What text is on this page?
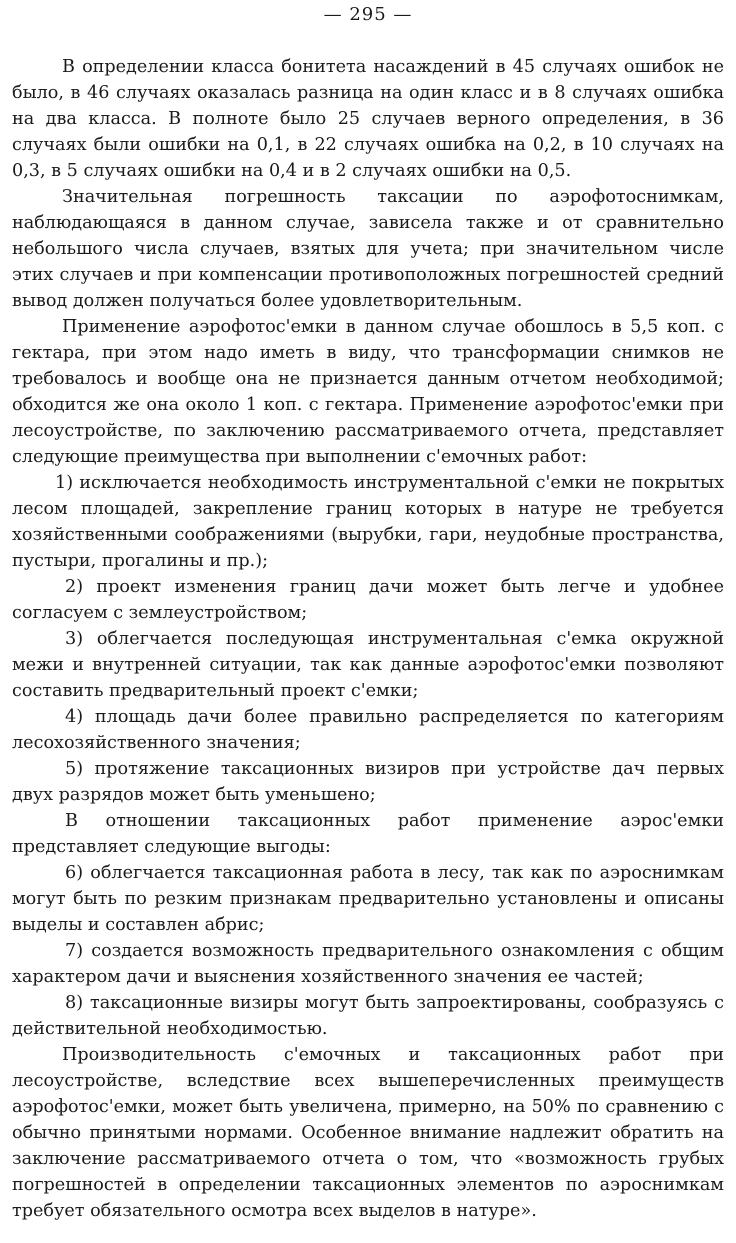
— 295 —

В определении класса бонитета насаждений в 45 случаях ошибок не было, в 46 случаях оказалась разница на один класс и в 8 случаях ошибка на два класса. В полноте было 25 случаев верного определения, в 36 случаях были ошибки на 0,1, в 22 случаях ошибка на 0,2, в 10 случаях на 0,3, в 5 случаях ошибки на 0,4 и в 2 случаях ошибки на 0,5.

Значительная погрешность таксации по аэрофотоснимкам, наблюдающаяся в данном случае, зависела также и от сравнительно небольшого числа случаев, взятых для учета; при значительном числе этих случаев и при компенсации противоположных погрешностей средний вывод должен получаться более удовлетворительным.

Применение аэрофотос'емки в данном случае обошлось в 5,5 коп. с гектара, при этом надо иметь в виду, что трансформации снимков не требовалось и вообще она не признается данным отчетом необходимой; обходится же она около 1 коп. с гектара. Применение аэрофотос'емки при лесоустройстве, по заключению рассматриваемого отчета, представляет следующие преимущества при выполнении с'емочных работ:

1) исключается необходимость инструментальной с'емки не покрытых лесом площадей, закрепление границ которых в натуре не требуется хозяйственными соображениями (вырубки, гари, неудобные пространства, пустыри, прогалины и пр.);

2) проект изменения границ дачи может быть легче и удобнее согласуем с землеустройством;

3) облегчается последующая инструментальная с'емка окружной межи и внутренней ситуации, так как данные аэрофотос'емки позволяют составить предварительный проект с'емки;

4) площадь дачи более правильно распределяется по категориям лесохозяйственного значения;

5) протяжение таксационных визиров при устройстве дач первых двух разрядов может быть уменьшено;

В отношении таксационных работ применение аэрос'емки представляет следующие выгоды:

6) облегчается таксационная работа в лесу, так как по аэроснимкам могут быть по резким признакам предварительно установлены и описаны выделы и составлен абрис;

7) создается возможность предварительного ознакомления с общим характером дачи и выяснения хозяйственного значения ее частей;

8) таксационные визиры могут быть запроектированы, сообразуясь с действительной необходимостью.

Производительность с'емочных и таксационных работ при лесоустройстве, вследствие всех вышеперечисленных преимуществ аэрофотос'емки, может быть увеличена, примерно, на 50% по сравнению с обычно принятыми нормами. Особенное внимание надлежит обратить на заключение рассматриваемого отчета о том, что «возможность грубых погрешностей в определении таксационных элементов по аэроснимкам требует обязательного осмотра всех выделов в натуре».
